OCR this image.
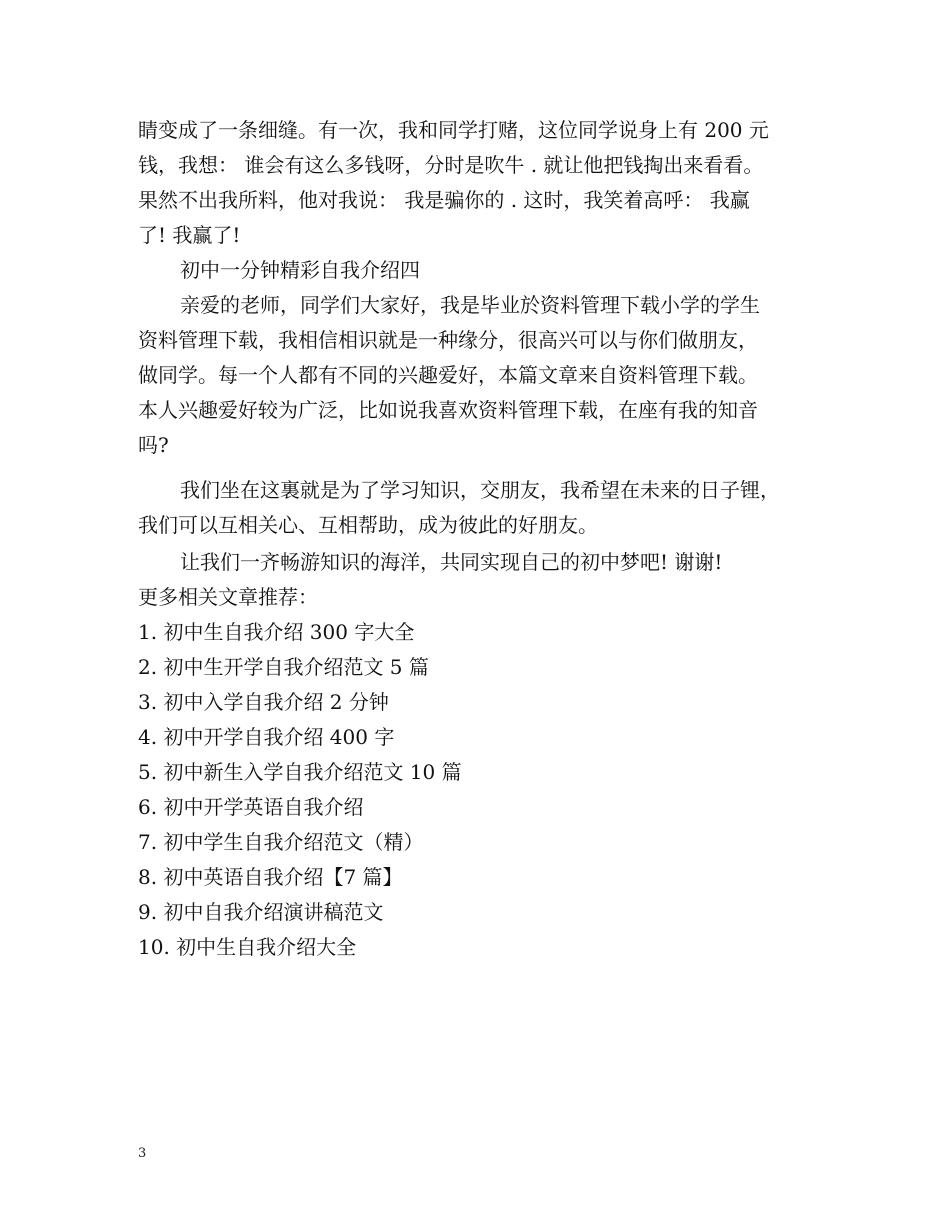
睛变成了一条细缝。有一次，我和同学打赌，这位同学说身上有 200 元
钱，我想： 谁会有这么多钱呀，分时是吹牛 . 就让他把钱掏出来看看。
果然不出我所料，他对我说： 我是骗你的 . 这时，我笑着高呼： 我赢
了! 我赢了!
初中一分钟精彩自我介绍四
亲爱的老师，同学们大家好，我是毕业於资料管理下载小学的学生
资料管理下载，我相信相识就是一种缘分，很高兴可以与你们做朋友，
做同学。每一个人都有不同的兴趣爱好，本篇文章来自资料管理下载。
本人兴趣爱好较为广泛，比如说我喜欢资料管理下载，在座有我的知音
吗?
我们坐在这裏就是为了学习知识，交朋友，我希望在未来的日子锂，
我们可以互相关心、互相帮助，成为彼此的好朋友。
让我们一齐畅游知识的海洋，共同实现自己的初中梦吧! 谢谢!
更多相关文章推荐：
1. 初中生自我介绍 300 字大全
2. 初中生开学自我介绍范文 5 篇
3. 初中入学自我介绍 2 分钟
4. 初中开学自我介绍 400 字
5. 初中新生入学自我介绍范文 10 篇
6. 初中开学英语自我介绍
7. 初中学生自我介绍范文（精）
8. 初中英语自我介绍【7 篇】
9. 初中自我介绍演讲稿范文
10. 初中生自我介绍大全
3
